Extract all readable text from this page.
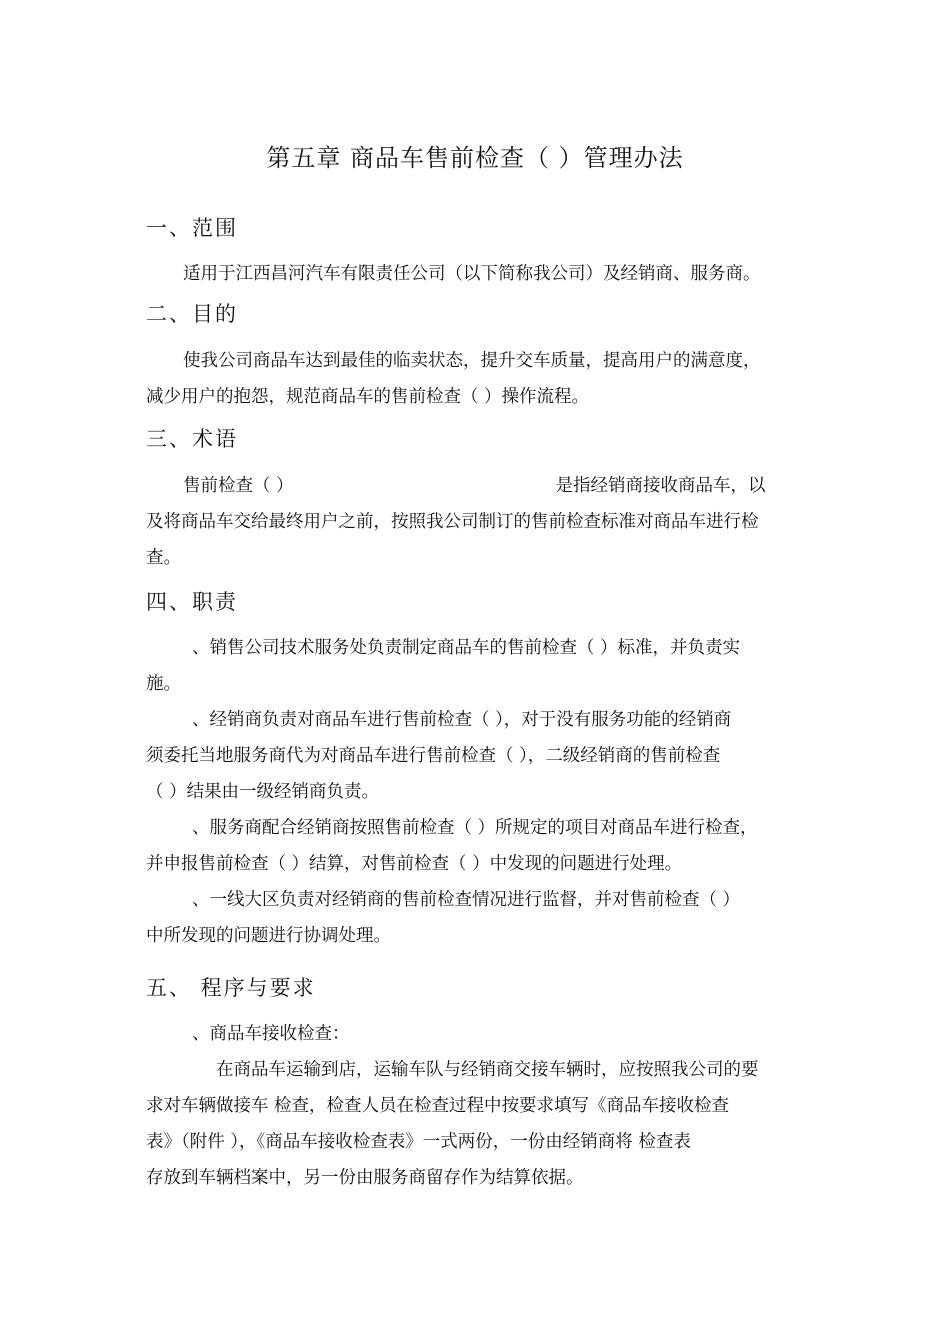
第五章 商品车售前检查（ ）管理办法
一、范围
适用于江西昌河汽车有限责任公司（以下简称我公司）及经销商、服务商。
二、目的
使我公司商品车达到最佳的临卖状态，提升交车质量，提高用户的满意度，
减少用户的抱怨，规范商品车的售前检查（ ）操作流程。
三、术语
售前检查（ ）	是指经销商接收商品车，以
及将商品车交给最终用户之前，按照我公司制订的售前检查标准对商品车进行检
查。
四、职责
、销售公司技术服务处负责制定商品车的售前检查（ ）标准，并负责实
施。
、经销商负责对商品车进行售前检查（ ），对于没有服务功能的经销商
须委托当地服务商代为对商品车进行售前检查（ ），二级经销商的售前检查
（ ）结果由一级经销商负责。
、服务商配合经销商按照售前检查（ ）所规定的项目对商品车进行检查，
并申报售前检查（ ）结算，对售前检查（ ）中发现的问题进行处理。
、一线大区负责对经销商的售前检查情况进行监督，并对售前检查（ ）
中所发现的问题进行协调处理。
五、 程序与要求
、商品车接收检查：
在商品车运输到店，运输车队与经销商交接车辆时，应按照我公司的要
求对车辆做接车 检查，检查人员在检查过程中按要求填写《商品车接收检查
表》（附件 ），《商品车接收检查表》一式两份，一份由经销商将 检查表
存放到车辆档案中，另一份由服务商留存作为结算依据。
